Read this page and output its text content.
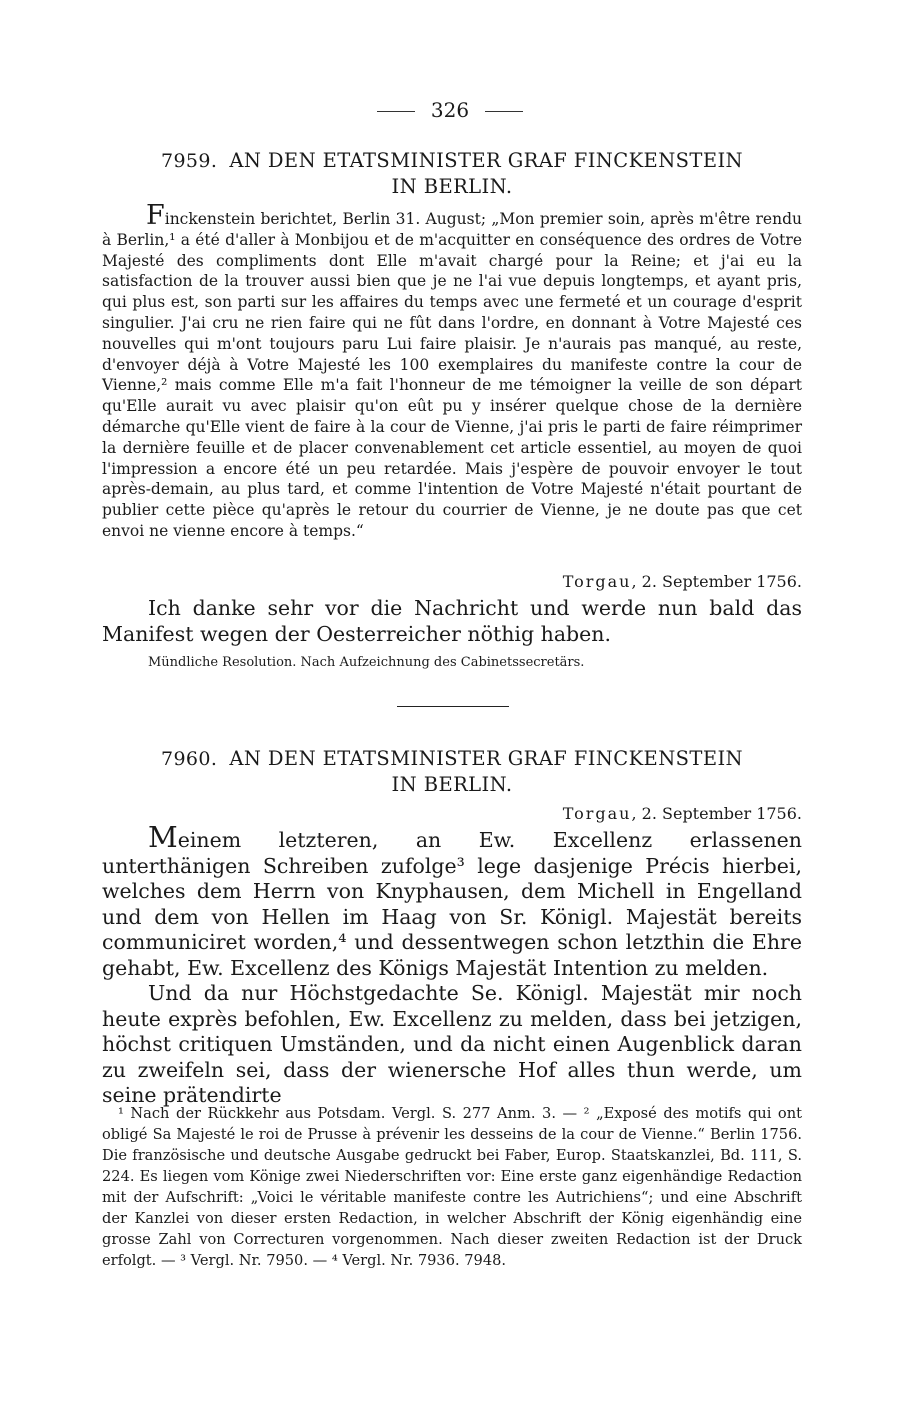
326
7959. AN DEN ETATSMINISTER GRAF FINCKENSTEIN
IN BERLIN.

Finckenstein berichtet, Berlin 31. August; „Mon premier soin, après m'être rendu à Berlin,¹ a été d'aller à Monbijou et de m'acquitter en conséquence des ordres de Votre Majesté des compliments dont Elle m'avait chargé pour la Reine; et j'ai eu la satisfaction de la trouver aussi bien que je ne l'ai vue depuis longtemps, et ayant pris, qui plus est, son parti sur les affaires du temps avec une fermeté et un courage d'esprit singulier. J'ai cru ne rien faire qui ne fût dans l'ordre, en donnant à Votre Majesté ces nouvelles qui m'ont toujours paru Lui faire plaisir. Je n'aurais pas manqué, au reste, d'envoyer déjà à Votre Majesté les 100 exemplaires du manifeste contre la cour de Vienne,² mais comme Elle m'a fait l'honneur de me témoigner la veille de son départ qu'Elle aurait vu avec plaisir qu'on eût pu y insérer quelque chose de la dernière démarche qu'Elle vient de faire à la cour de Vienne, j'ai pris le parti de faire réimprimer la dernière feuille et de placer convenablement cet article essentiel, au moyen de quoi l'impression a encore été un peu retardée. Mais j'espère de pouvoir envoyer le tout après-demain, au plus tard, et comme l'intention de Votre Majesté n'était pourtant de publier cette pièce qu'après le retour du courrier de Vienne, je ne doute pas que cet envoi ne vienne encore à temps.“

Torgau, 2. September 1756.

Ich danke sehr vor die Nachricht und werde nun bald das Manifest wegen der Oesterreicher nöthig haben.

Mündliche Resolution. Nach Aufzeichnung des Cabinetssecretärs.
7960. AN DEN ETATSMINISTER GRAF FINCKENSTEIN
IN BERLIN.
Torgau, 2. September 1756.

Meinem letzteren, an Ew. Excellenz erlassenen unterthänigen Schreiben zufolge³ lege dasjenige Précis hierbei, welches dem Herrn von Knyphausen, dem Michell in Engelland und dem von Hellen im Haag von Sr. Königl. Majestät bereits communiciret worden,⁴ und dessentwegen schon letzthin die Ehre gehabt, Ew. Excellenz des Königs Majestät Intention zu melden.

Und da nur Höchstgedachte Se. Königl. Majestät mir noch heute exprès befohlen, Ew. Excellenz zu melden, dass bei jetzigen, höchst critiquen Umständen, und da nicht einen Augenblick daran zu zweifeln sei, dass der wienersche Hof alles thun werde, um seine prätendirte

¹ Nach der Rückkehr aus Potsdam. Vergl. S. 277 Anm. 3. — ² „Exposé des motifs qui ont obligé Sa Majesté le roi de Prusse à prévenir les desseins de la cour de Vienne.“ Berlin 1756. Die französische und deutsche Ausgabe gedruckt bei Faber, Europ. Staatskanzlei, Bd. 111, S. 224. Es liegen vom Könige zwei Niederschriften vor: Eine erste ganz eigenhändige Redaction mit der Aufschrift: „Voici le véritable manifeste contre les Autrichiens“; und eine Abschrift der Kanzlei von dieser ersten Redaction, in welcher Abschrift der König eigenhändig eine grosse Zahl von Correcturen vorgenommen. Nach dieser zweiten Redaction ist der Druck erfolgt. — ³ Vergl. Nr. 7950. — ⁴ Vergl. Nr. 7936. 7948.
